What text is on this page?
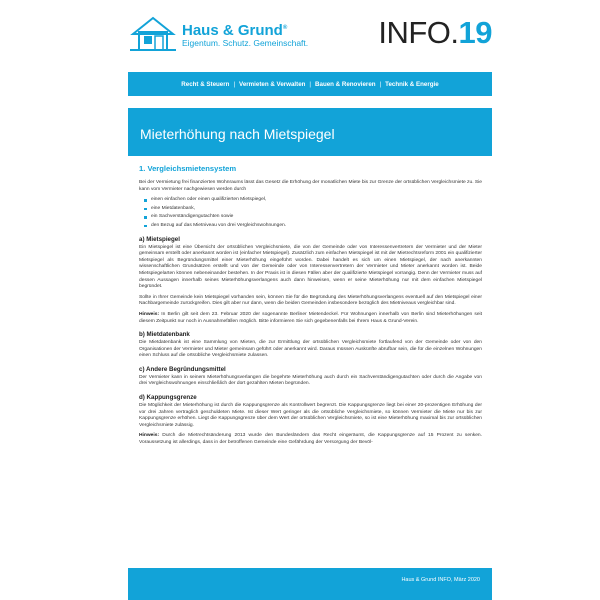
Haus & Grund®
Eigentum. Schutz. Gemeinschaft. INFO.19
Recht & Steuern | Vermieten & Verwalten | Bauen & Renovieren | Technik & Energie
Mieterhöhung nach Mietspiegel
1. Vergleichsmietensystem

Bei der Vermietung frei finanzierten Wohnraums lässt das Gesetz die Erhöhung der monatlichen Miete bis zur Grenze der ortsüblichen Vergleichsmiete zu. Sie kann vom Vermieter nachgewiesen werden durch

einen einfachen oder einen qualifizierten Mietspiegel,
eine Mietdatenbank,
ein Sachverständigengutachten sowie
den Bezug auf das Mietniveau von drei Vergleichswohnungen.
a) Mietspiegel

Ein Mietspiegel ist eine Übersicht der ortsüblichen Vergleichsmiete, die von der Gemeinde oder von Interessenvertretern der Vermieter und der Mieter gemeinsam erstellt oder anerkannt worden ist (einfacher Mietspiegel). Zusätzlich zum einfachen Mietspiegel ist mit der Mietrechtsreform 2001 ein qualifizierter Mietspiegel als Begründungsmittel einer Mieterhöhung eingeführt worden. Dabei handelt es sich um einen Mietspiegel, der nach anerkannten wissenschaftlichen Grundsätzen erstellt und von der Gemeinde oder von Interessenvertretern der Vermieter und Mieter anerkannt worden ist. Beide Mietspiegelarten können nebeneinander bestehen. In der Praxis ist in diesen Fällen aber der qualifizierte Mietspiegel vorrangig. Denn der Vermieter muss auf dessen Aussagen innerhalb seines Mieterhöhungsverlangens auch dann hinweisen, wenn er seine Mieterhöhung nur mit dem einfachen Mietspiegel begründet.

Sollte in Ihrer Gemeinde kein Mietspiegel vorhanden sein, können Sie für die Begründung des Mieterhöhungsverlangens eventuell auf den Mietspiegel einer Nachbargemeinde zurückgreifen. Dies gilt aber nur dann, wenn die beiden Gemeinden insbesondere bezüglich des Mietniveaus vergleichbar sind.

Hinweis: In Berlin gilt seit dem 23. Februar 2020 der sogenannte Berliner Mietendeckel. Für Wohnungen innerhalb von Berlin sind Mieterhöhungen seit diesem Zeitpunkt nur noch in Ausnahmefällen möglich. Bitte informieren Sie sich gegebenenfalls bei Ihrem Haus & Grund-Verein.

b) Mietdatenbank

Die Mietdatenbank ist eine Sammlung von Mieten, die zur Ermittlung der ortsüblichen Vergleichsmiete fortlaufend von der Gemeinde oder von den Organisationen der Vermieter und Mieter gemeinsam geführt oder anerkannt wird. Daraus müssen Auskünfte abrufbar sein, die für die einzelnen Wohnungen einen Schluss auf die ortsübliche Vergleichsmiete zulassen.

c) Andere Begründungsmittel

Der Vermieter kann in seinem Mieterhöhungsverlangen die begehrte Mieterhöhung auch durch ein Sachverständigengutachten oder durch die Angabe von drei Vergleichswohnungen einschließlich der dort gezahlten Mieten begründen.

d) Kappungsgrenze

Die Möglichkeit der Mieterhöhung ist durch die Kappungsgrenze als Kontrollwert begrenzt. Die Kappungsgrenze liegt bei einer 20-prozentigen Erhöhung der vor drei Jahren vertraglich geschuldeten Miete. Ist dieser Wert geringer als die ortsübliche Vergleichsmiete, so können Vermieter die Miete nur bis zur Kappungsgrenze erhöhen. Liegt die Kappungsgrenze über dem Wert der ortsüblichen Vergleichsmiete, so ist eine Mieterhöhung maximal bis zur ortsüblichen Vergleichsmiete zulässig.

Hinweis: Durch die Mietrechtsänderung 2013 wurde den Bundesländern das Recht eingeräumt, die Kappungsgrenze auf 15 Prozent zu senken. Voraussetzung ist allerdings, dass in der betroffenen Gemeinde eine Gefährdung der Versorgung der Bevöl-

Haus & Grund INFO, März 2020
